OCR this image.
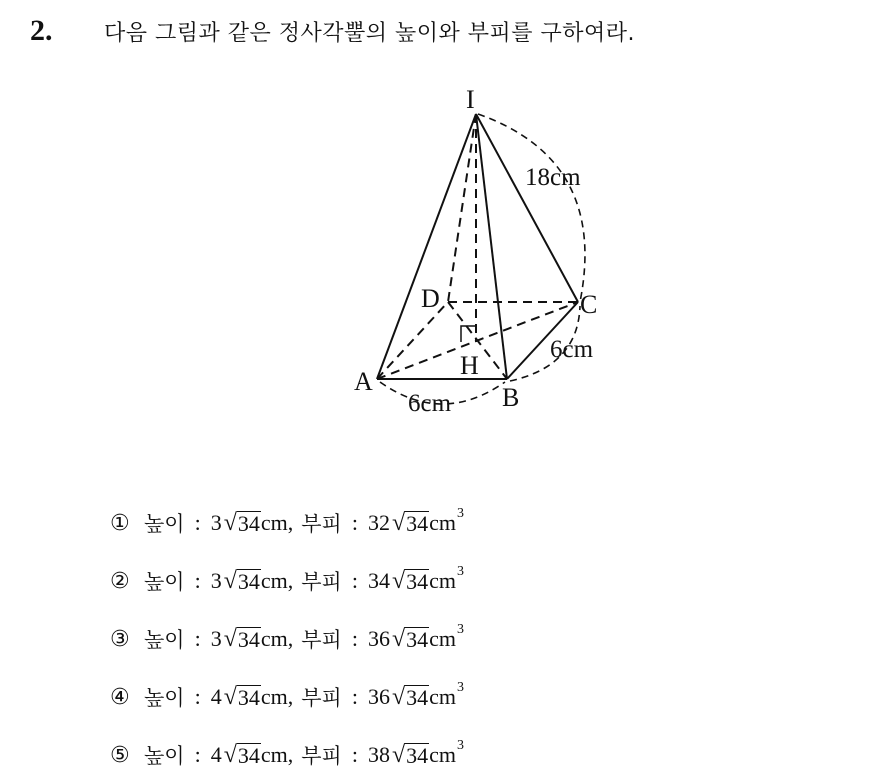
2. 다음 그림과 같은 정사각뿔의 높이와 부피를 구하여라.
I
A
B
C
D
H
18cm
6cm
6cm
① 높이 : 3 √ 34 cm, 부피 : 32 √ 34 cm 3
② 높이 : 3 √ 34 cm, 부피 : 34 √ 34 cm 3
③ 높이 : 3 √ 34 cm, 부피 : 36 √ 34 cm 3
④ 높이 : 4 √ 34 cm, 부피 : 36 √ 34 cm 3
⑤ 높이 : 4 √ 34 cm, 부피 : 38 √ 34 cm 3
